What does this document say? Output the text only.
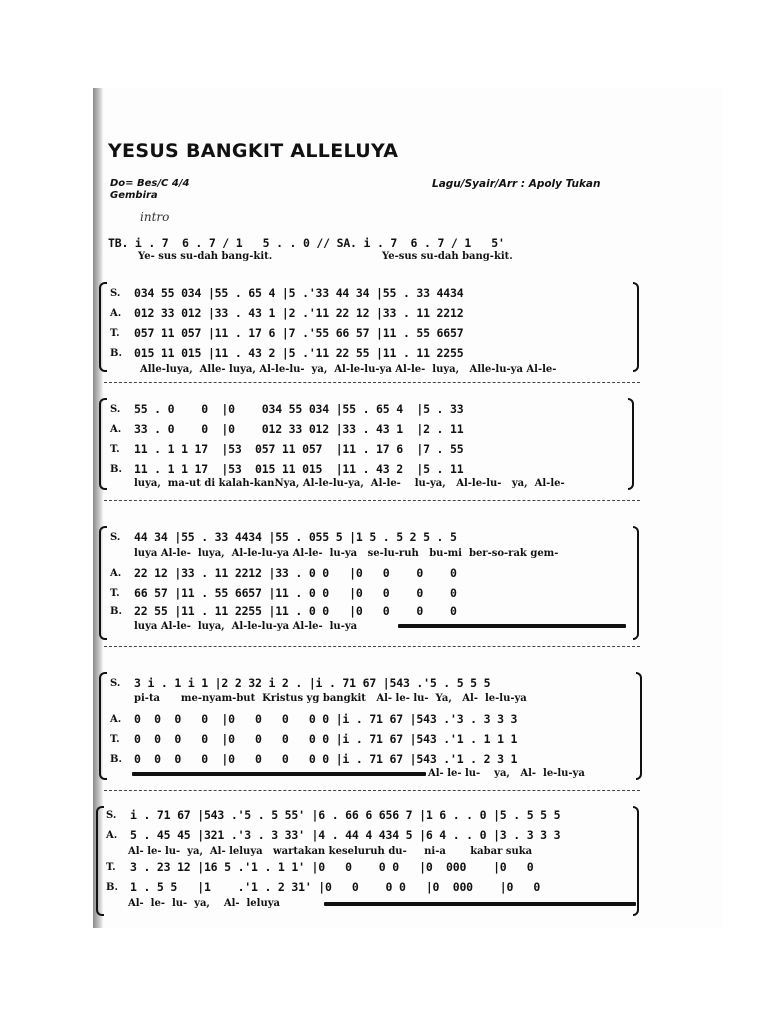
YESUS BANGKIT ALLELUYA
Do= Bes/C 4/4
Gembira
Lagu/Syair/Arr : Apoly Tukan
intro
TB. i . 7  6 . 7 / 1   5 . . 0 // SA. i . 7  6 . 7 / 1   5'
Ye- sus su-dah bang-kit.	Ye-sus su-dah bang-kit.
S. 034 55 034 |55 . 65 4 |5 .'33 44 34 |55 . 33 4434
A. 012 33 012 |33 . 43 1 |2 .'11 22 12 |33 . 11 2212
T. 057 11 057 |11 . 17 6 |7 .'55 66 57 |11 . 55 6657
B. 015 11 015 |11 . 43 2 |5 .'11 22 55 |11 . 11 2255
Alle-luya,  Alle- luya, Al-le-lu-  ya,  Al-le-lu-ya Al-le-  luya,   Alle-lu-ya Al-le-
S. 55 . 0    0  |0    034 55 034 |55 . 65 4  |5 . 33
A. 33 . 0    0  |0    012 33 012 |33 . 43 1  |2 . 11
T. 11 . 1 1 17  |53  057 11 057  |11 . 17 6  |7 . 55
B. 11 . 1 1 17  |53  015 11 015  |11 . 43 2  |5 . 11
luya,  ma-ut di kalah-kanNya, Al-le-lu-ya,  Al-le-    lu-ya,   Al-le-lu-   ya,  Al-le-
S. 44 34 |55 . 33 4434 |55 . 055 5 |1 5 . 5 2 5 . 5
luya Al-le-  luya,  Al-le-lu-ya Al-le-  lu-ya   se-lu-ruh   bu-mi  ber-so-rak gem-
A. 22 12 |33 . 11 2212 |33 . 0 0   |0   0    0    0
T. 66 57 |11 . 55 6657 |11 . 0 0   |0   0    0    0
B. 22 55 |11 . 11 2255 |11 . 0 0   |0   0    0    0
luya Al-le-  luya,  Al-le-lu-ya Al-le-  lu-ya
S. 3 i . 1 i 1 |2 2 32 i 2 . |i . 71 67 |543 .'5 . 5 5 5
pi-ta      me-nyam-but  Kristus yg bangkit   Al- le- lu-  Ya,   Al-  le-lu-ya
A. 0  0  0   0  |0   0   0   0 0 |i . 71 67 |543 .'3 . 3 3 3
T. 0  0  0   0  |0   0   0   0 0 |i . 71 67 |543 .'1 . 1 1 1
B. 0  0  0   0  |0   0   0   0 0 |i . 71 67 |543 .'1 . 2 3 1
Al- le- lu-    ya,   Al-  le-lu-ya
S. i . 71 67 |543 .'5 . 5 55' |6 . 66 6 656 7 |1 6 . . 0 |5 . 5 5 5
A. 5 . 45 45 |321 .'3 . 3 33' |4 . 44 4 434 5 |6 4 . . 0 |3 . 3 3 3
Al- le- lu-  ya,  Al- leluya   wartakan keseluruh du-     ni-a       kabar suka
T. 3 . 23 12 |16 5 .'1 . 1 1' |0   0    0 0   |0  000    |0   0
B. 1 . 5 5   |1    .'1 . 2 31' |0   0    0 0   |0  000    |0   0
Al-  le-  lu-  ya,    Al-  leluya
